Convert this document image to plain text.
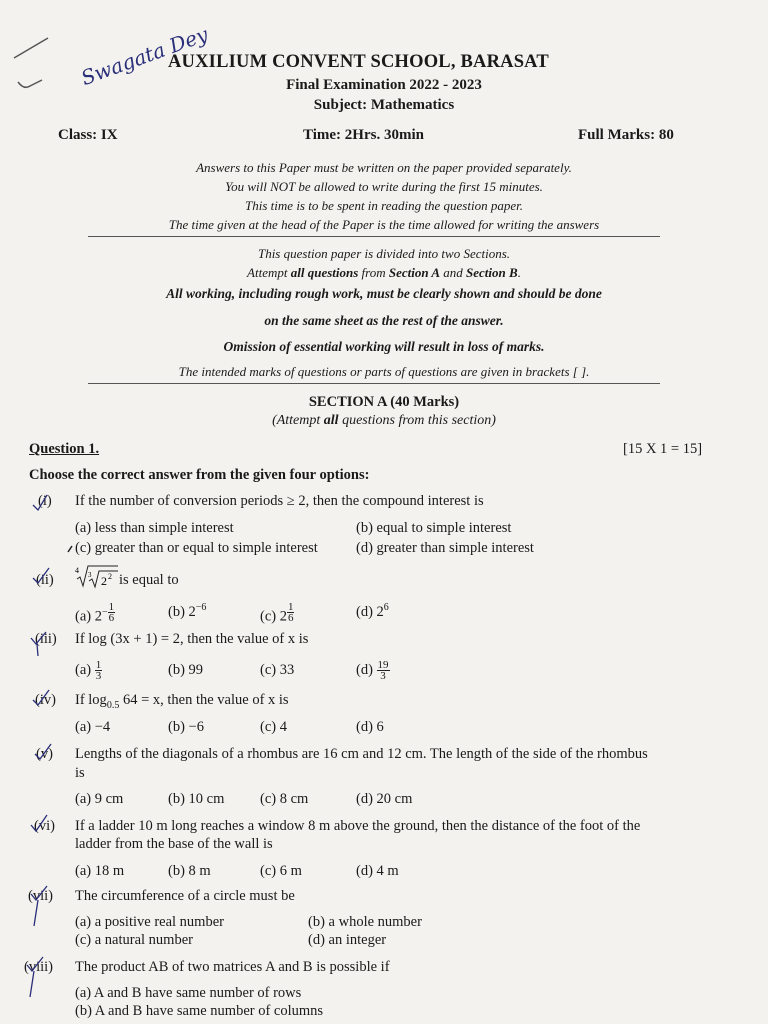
Swagata Dey
AUXILIUM CONVENT SCHOOL, BARASAT
Final Examination 2022 - 2023
Subject: Mathematics
Class: IX	Time: 2Hrs. 30min	Full Marks: 80
Answers to this Paper must be written on the paper provided separately.
You will NOT be allowed to write during the first 15 minutes.
This time is to be spent in reading the question paper.
The time given at the head of the Paper is the time allowed for writing the answers
This question paper is divided into two Sections.
Attempt all questions from Section A and Section B.
All working, including rough work, must be clearly shown and should be done
on the same sheet as the rest of the answer.
Omission of essential working will result in loss of marks.
The intended marks of questions or parts of questions are given in brackets [ ].
SECTION A (40 Marks)
(Attempt all questions from this section)
Question 1.	[15 X 1 = 15]
Choose the correct answer from the given four options:
(i) If the number of conversion periods ≥ 2, then the compound interest is
(a) less than simple interest	(b) equal to simple interest
(c) greater than or equal to simple interest	(d) greater than simple interest
(ii)
4 3 2 2 is equal to
(a) $2^{- \frac{1}{6}}$	(b) $2^{-6}$
(c) 2 $^{\frac{1}{6}}$	(d) $2^6$
(iii) If log (3x + 1) = 2, then the value of x is
$(a) \frac{1}{3}$	(b) 99	(c) 33	$(d) \frac{19}{3}$
(iv) If $\log_{0.5} 64 = x$, then the value of x is
(a) −4	(b) −6	(c) 4	(d) 6
(v) Lengths of the diagonals of a rhombus are 16 cm and 12 cm. The length of the side of the rhombus
is
(a) 9 cm	(b) 10 cm (c) 8 cm	(d) 20 cm
(vi) If a ladder 10 m long reaches a window 8 m above the ground, then the distance of the foot of the
ladder from the base of the wall is
(a) 18 m	(b) 8 m	(c) 6 m	(d) 4 m
(vii) The circumference of a circle must be
(a) a positive real number	(b) a whole number
(c) a natural number	(d) an integer
(viii) The product AB of two matrices A and B is possible if
(a) A and B have same number of rows
(b) A and B have same number of columns
